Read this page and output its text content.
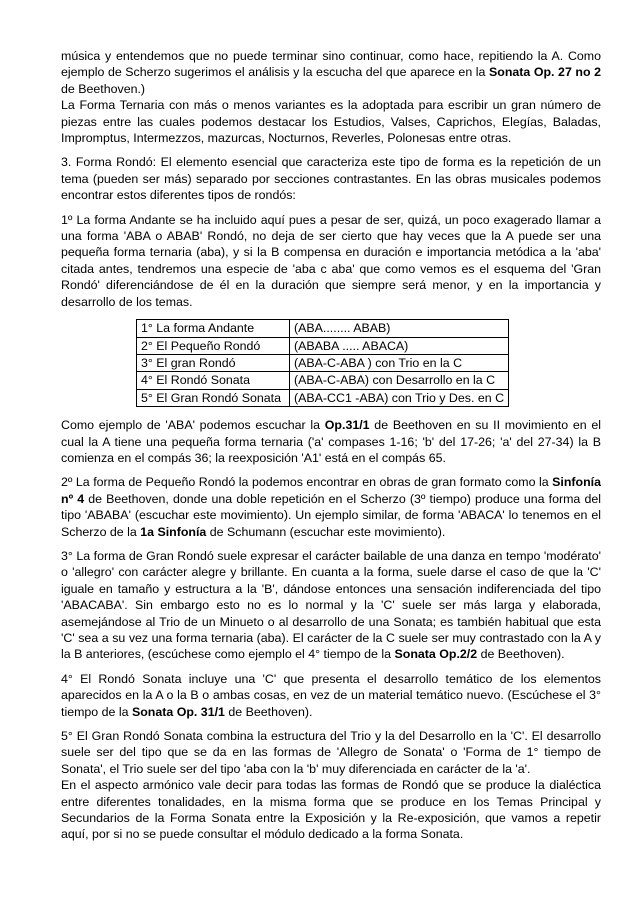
música y entendemos que no puede terminar sino continuar, como hace, repitiendo la A. Como ejemplo de Scherzo sugerimos el análisis y la escucha del que aparece en la Sonata Op. 27 no 2 de Beethoven.)

La Forma Ternaria con más o menos variantes es la adoptada para escribir un gran número de piezas entre las cuales podemos destacar los Estudios, Valses, Caprichos, Elegías, Baladas, Impromptus, Intermezzos, mazurcas, Nocturnos, Reverles, Polonesas entre otras.

3. Forma Rondó: El elemento esencial que caracteriza este tipo de forma es la repetición de un tema (pueden ser más) separado por secciones contrastantes. En las obras musicales podemos encontrar estos diferentes tipos de rondós:

1º La forma Andante se ha incluido aquí pues a pesar de ser, quizá, un poco exagerado llamar a una forma 'ABA o ABAB' Rondó, no deja de ser cierto que hay veces que la A puede ser una pequeña forma ternaria (aba), y si la B compensa en duración e importancia metódica a la 'aba' citada antes, tendremos una especie de 'aba c aba' que como vemos es el esquema del 'Gran Rondó' diferenciándose de él en la duración que siempre será menor, y en la importancia y desarrollo de los temas.

1° La forma Andante	(ABA........ ABAB)
2° El Pequeño Rondó	(ABABA ..... ABACA)
3° El gran Rondó	(ABA-C-ABA ) con Trio en la C
4° El Rondó Sonata	(ABA-C-ABA) con Desarrollo en la C
5° El Gran Rondó Sonata	(ABA-CC1 -ABA) con Trio y Des. en C

Como ejemplo de 'ABA' podemos escuchar la Op.31/1 de Beethoven en su II movimiento en el cual la A tiene una pequeña forma ternaria ('a' compases 1-16; 'b' del 17-26; 'a' del 27-34) la B comienza en el compás 36; la reexposición 'A1' está en el compás 65.

2º La forma de Pequeño Rondó la podemos encontrar en obras de gran formato como la Sinfonía nº 4 de Beethoven, donde una doble repetición en el Scherzo (3º tiempo) produce una forma del tipo 'ABABA' (escuchar este movimiento). Un ejemplo similar, de forma 'ABACA' lo tenemos en el Scherzo de la 1a Sinfonía de Schumann (escuchar este movimiento).

3° La forma de Gran Rondó suele expresar el carácter bailable de una danza en tempo 'modérato' o 'allegro' con carácter alegre y brillante. En cuanta a la forma, suele darse el caso de que la 'C' iguale en tamaño y estructura a la 'B', dándose entonces una sensación indiferenciada del tipo 'ABACABA'. Sin embargo esto no es lo normal y la 'C' suele ser más larga y elaborada, asemejándose al Trio de un Minueto o al desarrollo de una Sonata; es también habitual que esta 'C' sea a su vez una forma ternaria (aba). El carácter de la C suele ser muy contrastado con la A y la B anteriores, (escúchese como ejemplo el 4° tiempo de la Sonata Op.2/2 de Beethoven).

4° El Rondó Sonata incluye una 'C' que presenta el desarrollo temático de los elementos aparecidos en la A o la B o ambas cosas, en vez de un material temático nuevo. (Escúchese el 3° tiempo de la Sonata Op. 31/1 de Beethoven).

5° El Gran Rondó Sonata combina la estructura del Trio y la del Desarrollo en la 'C'. El desarrollo suele ser del tipo que se da en las formas de 'Allegro de Sonata' o 'Forma de 1° tiempo de Sonata', el Trio suele ser del tipo 'aba con la 'b' muy diferenciada en carácter de la 'a'.

En el aspecto armónico vale decir para todas las formas de Rondó que se produce la dialéctica entre diferentes tonalidades, en la misma forma que se produce en los Temas Principal y Secundarios de la Forma Sonata entre la Exposición y la Re-exposición, que vamos a repetir aquí, por si no se puede consultar el módulo dedicado a la forma Sonata.
